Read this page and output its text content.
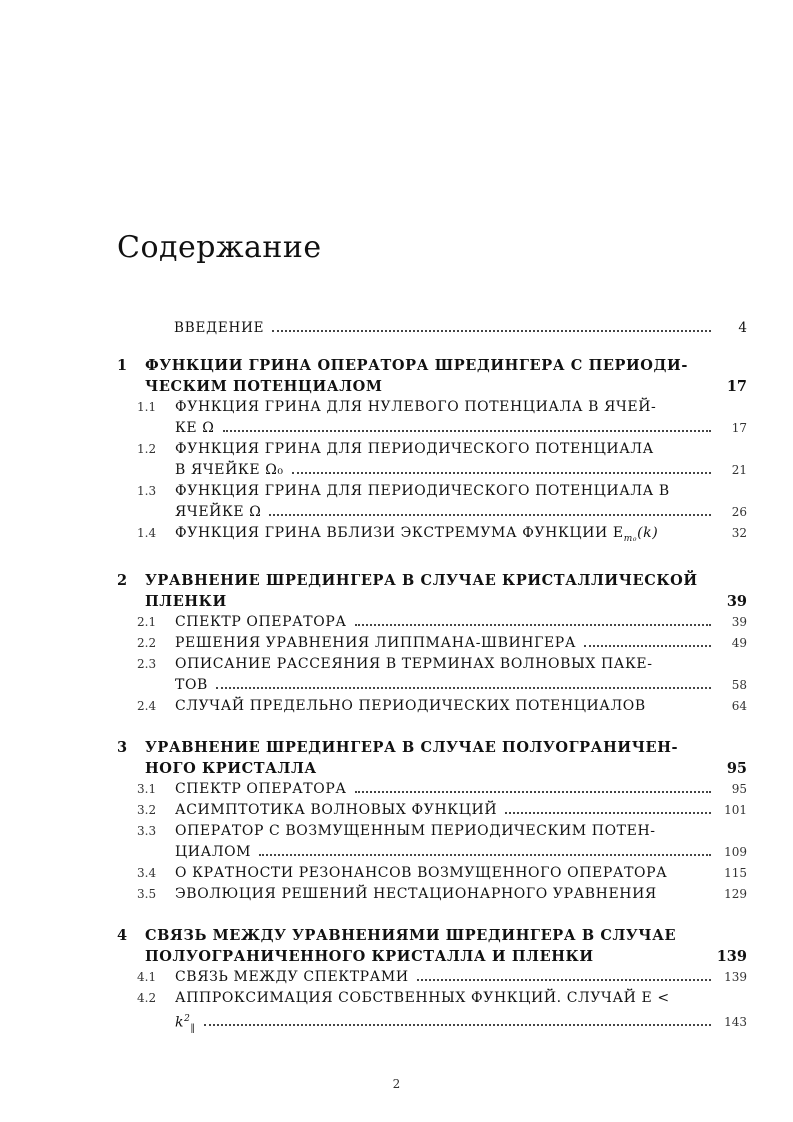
Содержание
ВВЕДЕНИЕ	4
1 ФУНКЦИИ ГРИНА ОПЕРАТОРА ШРЕДИНГЕРА С ПЕРИОДИ-
ЧЕСКИМ ПОТЕНЦИАЛОМ	17
1.1 ФУНКЦИЯ ГРИНА ДЛЯ НУЛЕВОГО ПОТЕНЦИАЛА В ЯЧЕЙ-
КЕ Ω	17
1.2 ФУНКЦИЯ ГРИНА ДЛЯ ПЕРИОДИЧЕСКОГО ПОТЕНЦИАЛА
В ЯЧЕЙКЕ Ω₀	21
1.3 ФУНКЦИЯ ГРИНА ДЛЯ ПЕРИОДИЧЕСКОГО ПОТЕНЦИАЛА В
ЯЧЕЙКЕ Ω	26
1.4 ФУНКЦИЯ ГРИНА ВБЛИЗИ ЭКСТРЕМУМА ФУНКЦИИ $E_{m_0}(k)$	32
2 УРАВНЕНИЕ ШРЕДИНГЕРА В СЛУЧАЕ КРИСТАЛЛИЧЕСКОЙ
ПЛЕНКИ	39
2.1 СПЕКТР ОПЕРАТОРА	39
2.2 РЕШЕНИЯ УРАВНЕНИЯ ЛИППМАНА-ШВИНГЕРА	49
2.3 ОПИСАНИЕ РАССЕЯНИЯ В ТЕРМИНАХ ВОЛНОВЫХ ПАКЕ-
ТОВ	58
2.4 СЛУЧАЙ ПРЕДЕЛЬНО ПЕРИОДИЧЕСКИХ ПОТЕНЦИАЛОВ	64
3 УРАВНЕНИЕ ШРЕДИНГЕРА В СЛУЧАЕ ПОЛУОГРАНИЧЕН-
НОГО КРИСТАЛЛА	95
3.1 СПЕКТР ОПЕРАТОРА	95
3.2 АСИМПТОТИКА ВОЛНОВЫХ ФУНКЦИЙ	101
3.3 ОПЕРАТОР С ВОЗМУЩЕННЫМ ПЕРИОДИЧЕСКИМ ПОТЕН-
ЦИАЛОМ	109
3.4 О КРАТНОСТИ РЕЗОНАНСОВ ВОЗМУЩЕННОГО ОПЕРАТОРА	115
3.5 ЭВОЛЮЦИЯ РЕШЕНИЙ НЕСТАЦИОНАРНОГО УРАВНЕНИЯ	129
4 СВЯЗЬ МЕЖДУ УРАВНЕНИЯМИ ШРЕДИНГЕРА В СЛУЧАЕ
ПОЛУОГРАНИЧЕННОГО КРИСТАЛЛА И ПЛЕНКИ	139
4.1 СВЯЗЬ МЕЖДУ СПЕКТРАМИ	139
4.2 АППРОКСИМАЦИЯ СОБСТВЕННЫХ ФУНКЦИЙ. СЛУЧАЙ E <
$k^2_‖$	143
2
